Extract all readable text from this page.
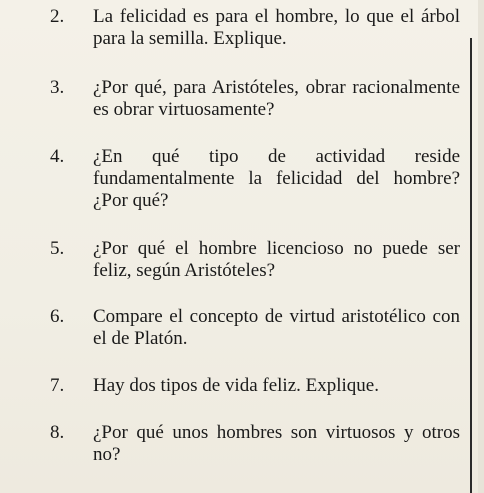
2. La felicidad es para el hombre, lo que el árbol para la semilla. Explique.
3. ¿Por qué, para Aristóteles, obrar racionalmente es obrar virtuosamente?
4. ¿En qué tipo de actividad reside fundamentalmente la felicidad del hombre? ¿Por qué?
5. ¿Por qué el hombre licencioso no puede ser feliz, según Aristóteles?
6. Compare el concepto de virtud aristotélico con el de Platón.
7. Hay dos tipos de vida feliz. Explique.
8. ¿Por qué unos hombres son virtuosos y otros no?
